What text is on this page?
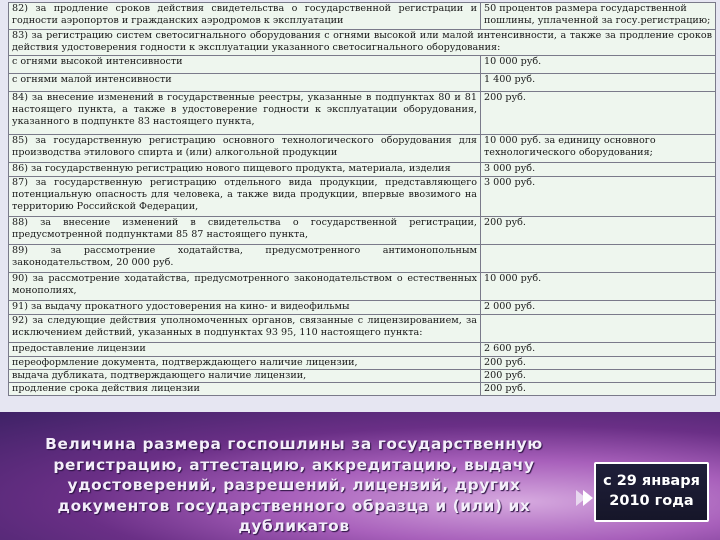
82) за продление сроков действия свидетельства о государственной регистрации и годности аэропортов и гражданских аэродромов к эксплуатации	50 процентов размера государственной пошлины, уплаченной за госу.регистрацию;
83) за регистрацию систем светосигнального оборудования с огнями высокой или малой интенсивности, а также за продление сроков действия удостоверения годности к эксплуатации указанного светосигнального оборудования:	
с огнями высокой интенсивности	10 000 руб.
с огнями малой интенсивности	1 400 руб.
84) за внесение изменений в государственные реестры, указанные в подпунктах 80 и 81 настоящего пункта, а также в удостоверение годности к эксплуатации оборудования, указанного в подпункте 83 настоящего пункта,	200 руб.
85) за государственную регистрацию основного технологического оборудования для производства этилового спирта и (или) алкогольной продукции	10 000 руб. за единицу основного технологического оборудования;
86) за государственную регистрацию нового пищевого продукта, материала, изделия	3 000 руб.
87) за государственную регистрацию отдельного вида продукции, представляющего потенциальную опасность для человека, а также вида продукции, впервые ввозимого на территорию Российской Федерации,	3 000 руб.
88) за внесение изменений в свидетельства о государственной регистрации, предусмотренной подпунктами 85 87 настоящего пункта,	200 руб.
89) за рассмотрение ходатайства, предусмотренного антимонопольным законодательством, 20 000 руб.	
90) за рассмотрение ходатайства, предусмотренного законодательством о естественных монополиях,	10 000 руб.
91) за выдачу прокатного удостоверения на кино- и видеофильмы	2 000 руб.
92) за следующие действия уполномоченных органов, связанные с лицензированием, за исключением действий, указанных в подпунктах 93 95, 110 настоящего пункта:	
предоставление лицензии	2 600 руб.
переоформление документа, подтверждающего наличие лицензии,	200 руб.
выдача дубликата, подтверждающего наличие лицензии,	200 руб.
продление срока действия лицензии	200 руб.
Величина размера госпошлины за государственную регистрацию, аттестацию, аккредитацию, выдачу удостоверений, разрешений, лицензий, других документов государственного образца и (или) их дубликатов
с 29 января
2010 года
